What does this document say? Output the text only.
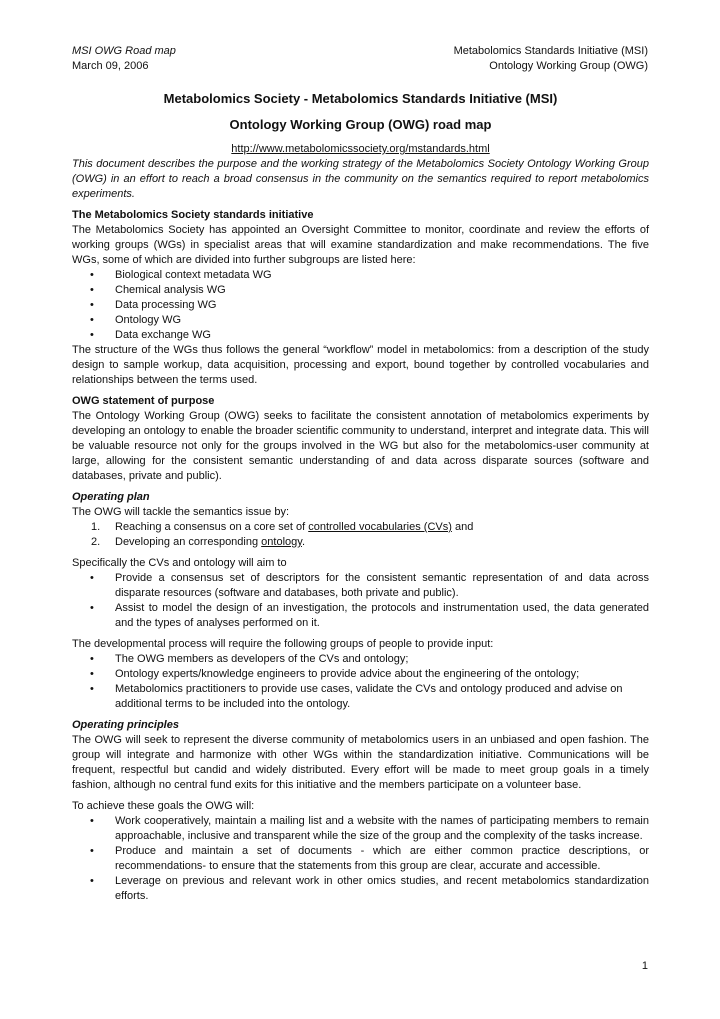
MSI OWG Road map
March 09, 2006
Metabolomics Standards Initiative (MSI)
Ontology Working Group (OWG)
Metabolomics Society - Metabolomics Standards Initiative (MSI)
Ontology Working Group (OWG) road map
http://www.metabolomicssociety.org/mstandards.html

This document describes the purpose and the working strategy of the Metabolomics Society Ontology Working Group (OWG) in an effort to reach a broad consensus in the community on the semantics required to report metabolomics experiments.

The Metabolomics Society standards initiative

The Metabolomics Society has appointed an Oversight Committee to monitor, coordinate and review the efforts of working groups (WGs) in specialist areas that will examine standardization and make recommendations. The five WGs, some of which are divided into further subgroups are listed here:

• Biological context metadata WG
• Chemical analysis WG
• Data processing WG
• Ontology WG
• Data exchange WG

The structure of the WGs thus follows the general “workflow” model in metabolomics: from a description of the study design to sample workup, data acquisition, processing and export, bound together by controlled vocabularies and relationships between the terms used.

OWG statement of purpose

The Ontology Working Group (OWG) seeks to facilitate the consistent annotation of metabolomics experiments by developing an ontology to enable the broader scientific community to understand, interpret and integrate data. This will be valuable resource not only for the groups involved in the WG but also for the metabolomics-user community at large, allowing for the consistent semantic understanding of and data across disparate sources (software and databases, private and public).

Operating plan

The OWG will tackle the semantics issue by:

1. Reaching a consensus on a core set of controlled vocabularies (CVs) and
2. Developing an corresponding ontology.

Specifically the CVs and ontology will aim to

• Provide a consensus set of descriptors for the consistent semantic representation of and data across disparate resources (software and databases, both private and public).
• Assist to model the design of an investigation, the protocols and instrumentation used, the data generated and the types of analyses performed on it.

The developmental process will require the following groups of people to provide input:

• The OWG members as developers of the CVs and ontology;
• Ontology experts/knowledge engineers to provide advice about the engineering of the ontology;
• Metabolomics practitioners to provide use cases, validate the CVs and ontology produced and advise on additional terms to be included into the ontology.
Operating principles

The OWG will seek to represent the diverse community of metabolomics users in an unbiased and open fashion. The group will integrate and harmonize with other WGs within the standardization initiative. Communications will be frequent, respectful but candid and widely distributed. Every effort will be made to meet group goals in a timely fashion, although no central fund exits for this initiative and the members participate on a volunteer base.

To achieve these goals the OWG will:

• Work cooperatively, maintain a mailing list and a website with the names of participating members to remain approachable, inclusive and transparent while the size of the group and the complexity of the tasks increase.
• Produce and maintain a set of documents - which are either common practice descriptions, or recommendations- to ensure that the statements from this group are clear, accurate and accessible.
• Leverage on previous and relevant work in other omics studies, and recent metabolomics standardization efforts.
1
